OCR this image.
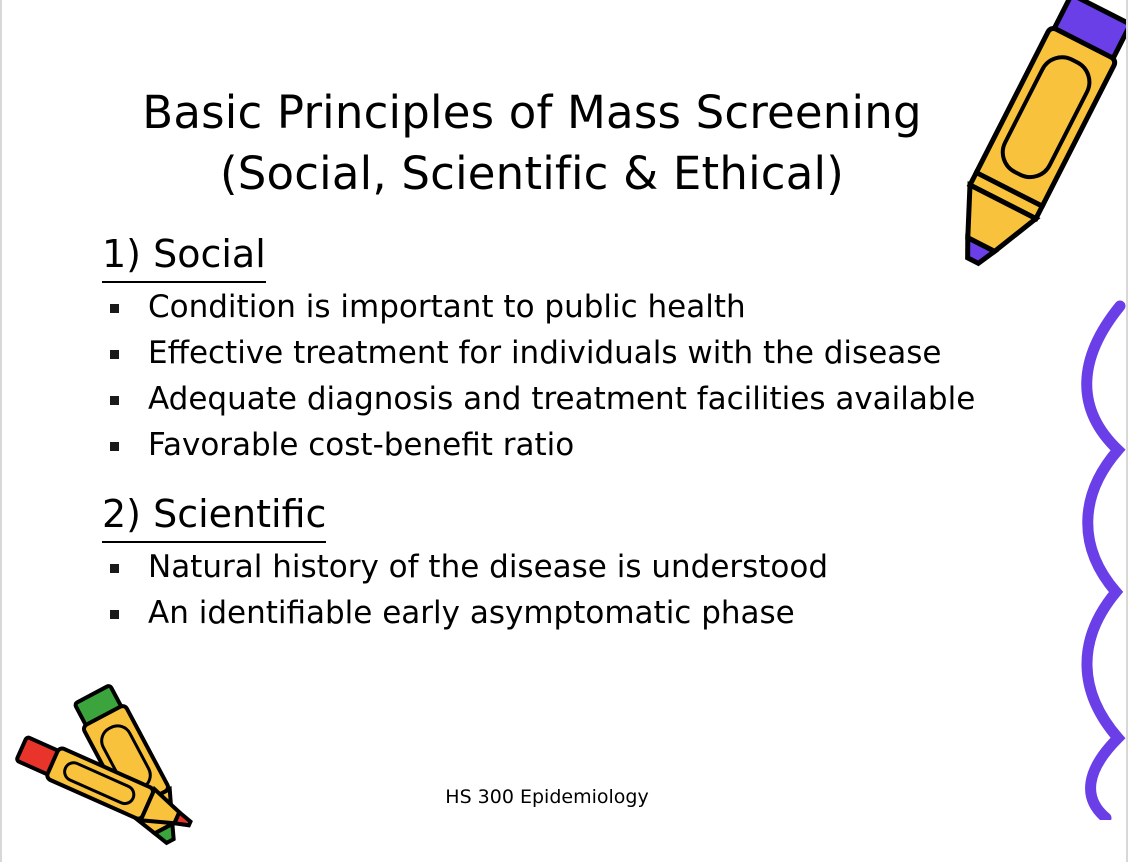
Basic Principles of Mass Screening
(Social, Scientific & Ethical)
1) Social
Condition is important to public health
Effective treatment for individuals with the disease
Adequate diagnosis and treatment facilities available
Favorable cost-benefit ratio
2) Scientific
Natural history of the disease is understood
An identifiable early asymptomatic phase
HS 300 Epidemiology
